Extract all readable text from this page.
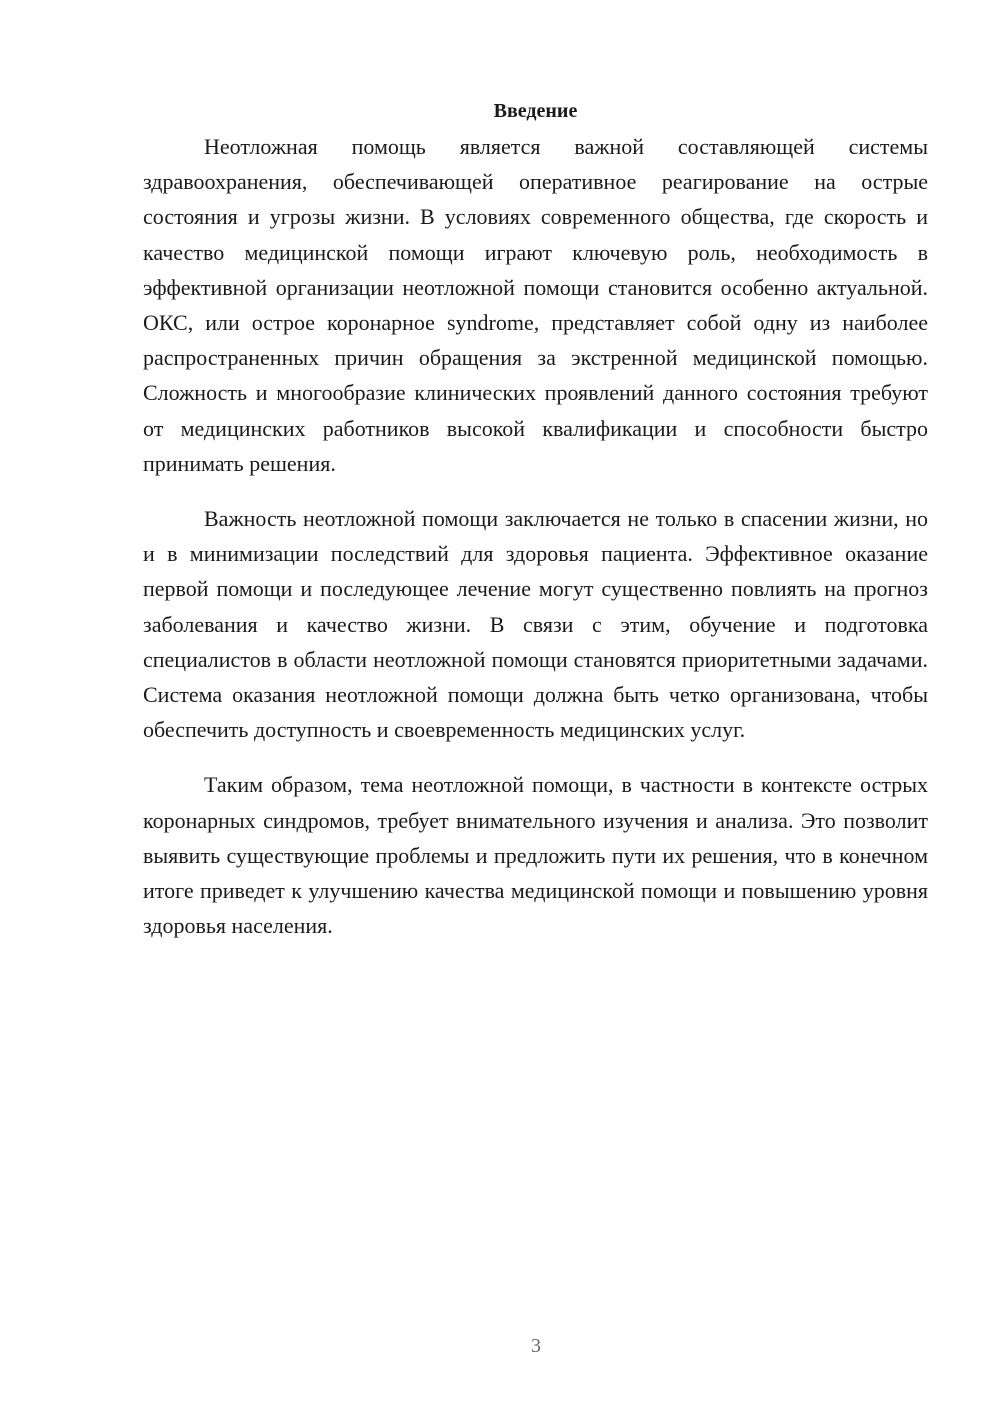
Введение

Неотложная помощь является важной составляющей системы здравоохранения, обеспечивающей оперативное реагирование на острые состояния и угрозы жизни. В условиях современного общества, где скорость и качество медицинской помощи играют ключевую роль, необходимость в эффективной организации неотложной помощи становится особенно актуальной. ОКС, или острое коронарное syndrome, представляет собой одну из наиболее распространенных причин обращения за экстренной медицинской помощью. Сложность и многообразие клинических проявлений данного состояния требуют от медицинских работников высокой квалификации и способности быстро принимать решения.

Важность неотложной помощи заключается не только в спасении жизни, но и в минимизации последствий для здоровья пациента. Эффективное оказание первой помощи и последующее лечение могут существенно повлиять на прогноз заболевания и качество жизни. В связи с этим, обучение и подготовка специалистов в области неотложной помощи становятся приоритетными задачами. Система оказания неотложной помощи должна быть четко организована, чтобы обеспечить доступность и своевременность медицинских услуг.

Таким образом, тема неотложной помощи, в частности в контексте острых коронарных синдромов, требует внимательного изучения и анализа. Это позволит выявить существующие проблемы и предложить пути их решения, что в конечном итоге приведет к улучшению качества медицинской помощи и повышению уровня здоровья населения.

3
